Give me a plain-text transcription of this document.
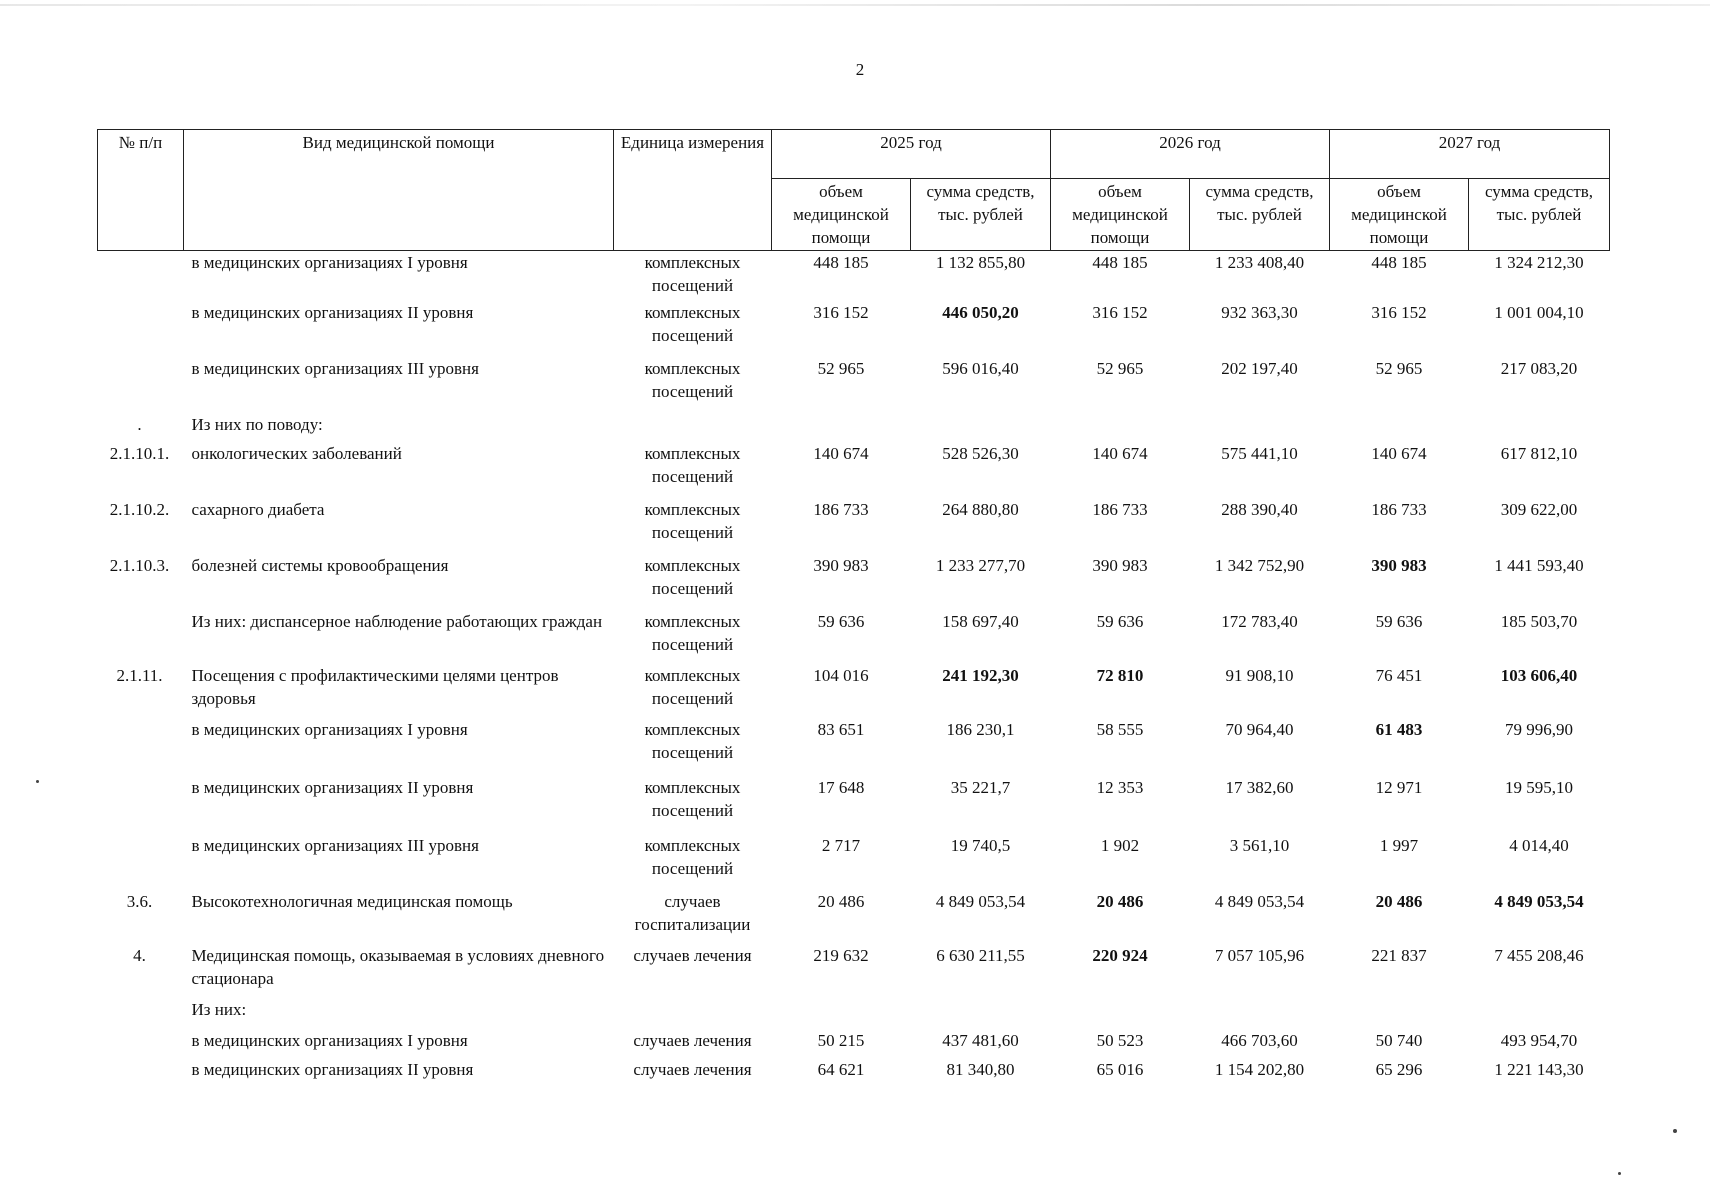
2
№ п/п	Вид медицинской помощи	Единица измерения	2025 год		2026 год		2027 год	
			объем медицинской помощи	сумма средств, тыс. рублей	объем медицинской помощи	сумма средств, тыс. рублей	объем медицинской помощи	сумма средств, тыс. рублей
	в медицинских организациях I уровня	комплексных посещений	448 185	1 132 855,80	448 185	1 233 408,40	448 185	1 324 212,30
	в медицинских организациях II уровня	комплексных посещений	316 152	446 050,20	316 152	932 363,30	316 152	1 001 004,10
	в медицинских организациях III уровня	комплексных посещений	52 965	596 016,40	52 965	202 197,40	52 965	217 083,20
.	Из них по поводу:							
2.1.10.1.	онкологических заболеваний	комплексных посещений	140 674	528 526,30	140 674	575 441,10	140 674	617 812,10
2.1.10.2.	сахарного диабета	комплексных посещений	186 733	264 880,80	186 733	288 390,40	186 733	309 622,00
2.1.10.3.	болезней системы кровообращения	комплексных посещений	390 983	1 233 277,70	390 983	1 342 752,90	390 983	1 441 593,40
	Из них: диспансерное наблюдение работающих граждан	комплексных посещений	59 636	158 697,40	59 636	172 783,40	59 636	185 503,70
2.1.11.	Посещения с профилактическими целями центров здоровья	комплексных посещений	104 016	241 192,30	72 810	91 908,10	76 451	103 606,40
	в медицинских организациях I уровня	комплексных посещений	83 651	186 230,1	58 555	70 964,40	61 483	79 996,90
	в медицинских организациях II уровня	комплексных посещений	17 648	35 221,7	12 353	17 382,60	12 971	19 595,10
	в медицинских организациях III уровня	комплексных посещений	2 717	19 740,5	1 902	3 561,10	1 997	4 014,40
3.6.	Высокотехнологичная медицинская помощь	случаев госпитализации	20 486	4 849 053,54	20 486	4 849 053,54	20 486	4 849 053,54
4.	Медицинская помощь, оказываемая в условиях дневного стационара	случаев лечения	219 632	6 630 211,55	220 924	7 057 105,96	221 837	7 455 208,46
	Из них:							
	в медицинских организациях I уровня	случаев лечения	50 215	437 481,60	50 523	466 703,60	50 740	493 954,70
	в медицинских организациях II уровня	случаев лечения	64 621	81 340,80	65 016	1 154 202,80	65 296	1 221 143,30
